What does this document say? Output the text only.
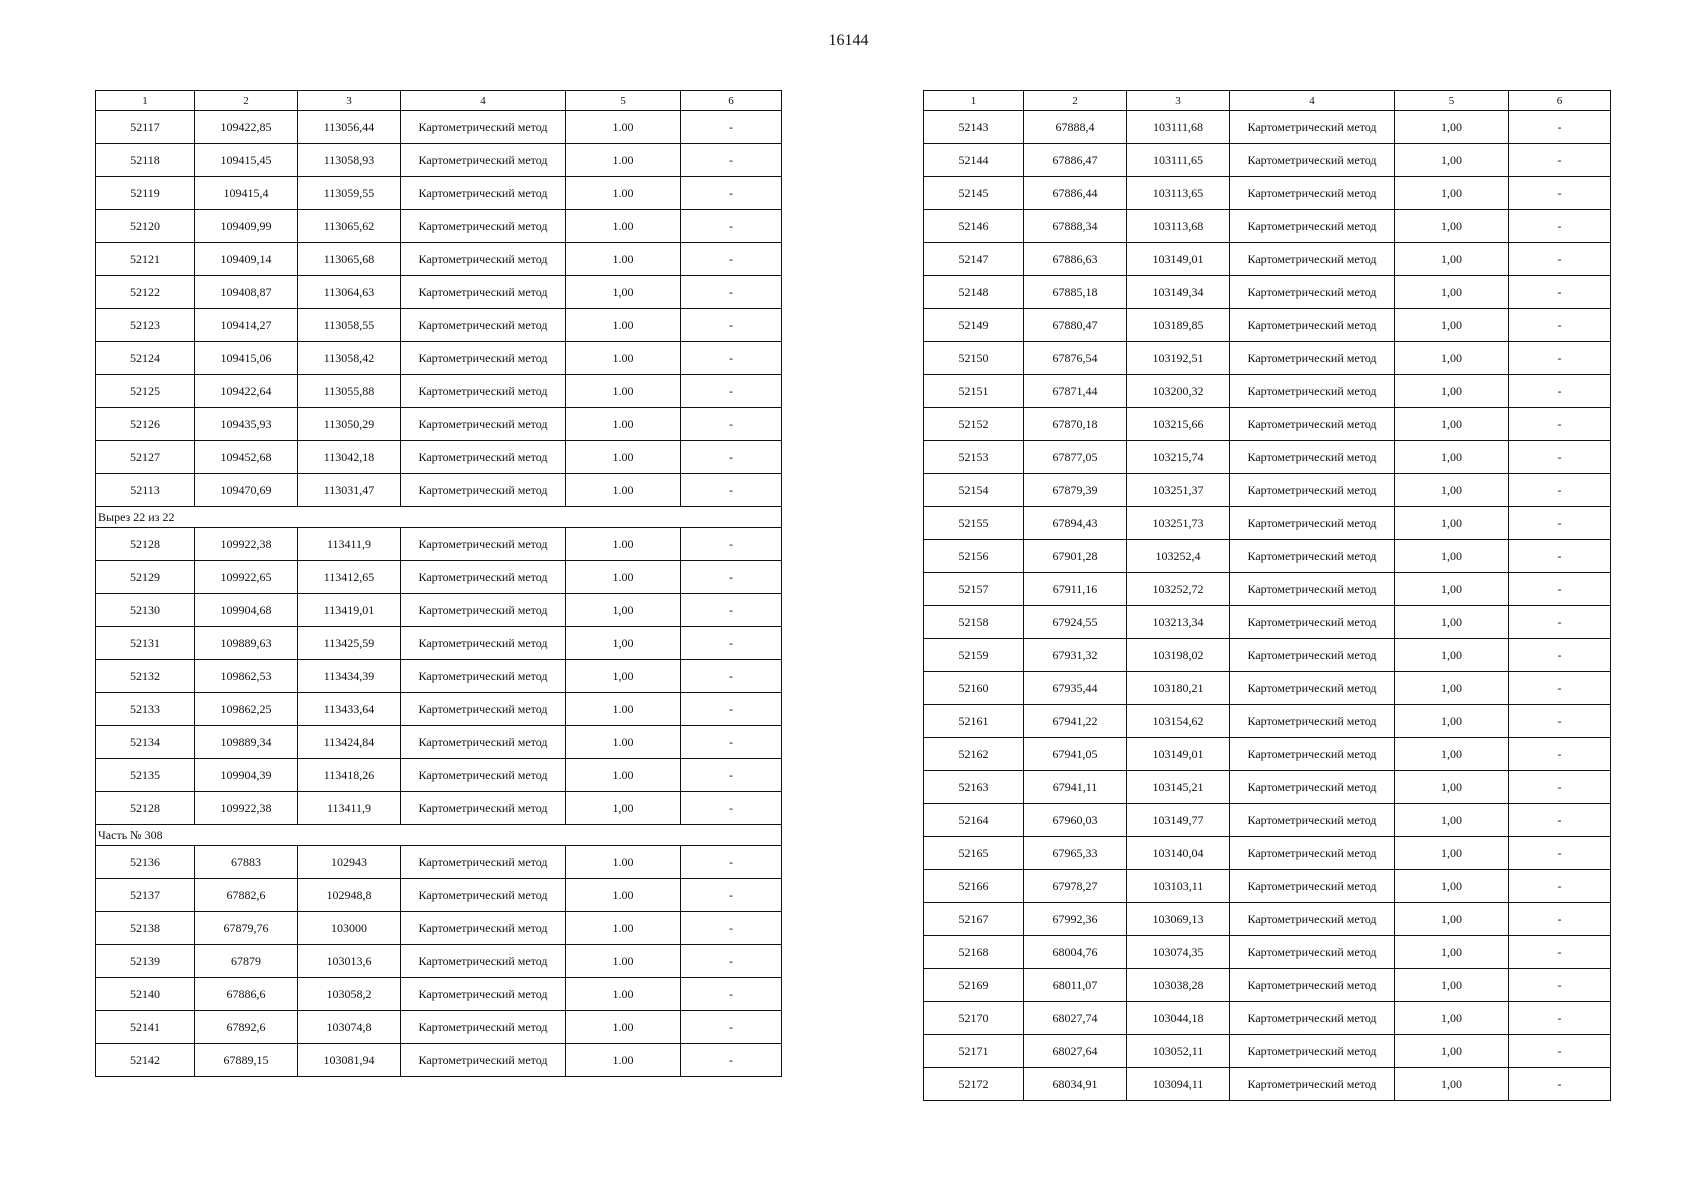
16144
1	2	3	4	5	6
52117	109422,85	113056,44	Картометрический метод	1.00	-
52118	109415,45	113058,93	Картометрический метод	1.00	-
52119	109415,4	113059,55	Картометрический метод	1.00	-
52120	109409,99	113065,62	Картометрический метод	1.00	-
52121	109409,14	113065,68	Картометрический метод	1.00	-
52122	109408,87	113064,63	Картометрический метод	1,00	-
52123	109414,27	113058,55	Картометрический метод	1.00	-
52124	109415,06	113058,42	Картометрический метод	1.00	-
52125	109422,64	113055,88	Картометрический метод	1.00	-
52126	109435,93	113050,29	Картометрический метод	1.00	-
52127	109452,68	113042,18	Картометрический метод	1.00	-
52113	109470,69	113031,47	Картометрический метод	1.00	-
Вырез 22 из 22					
52128	109922,38	113411,9	Картометрический метод	1.00	-
52129	109922,65	113412,65	Картометрический метод	1.00	-
52130	109904,68	113419,01	Картометрический метод	1,00	-
52131	109889,63	113425,59	Картометрический метод	1,00	-
52132	109862,53	113434,39	Картометрический метод	1,00	-
52133	109862,25	113433,64	Картометрический метод	1.00	-
52134	109889,34	113424,84	Картометрический метод	1.00	-
52135	109904,39	113418,26	Картометрический метод	1.00	-
52128	109922,38	113411,9	Картометрический метод	1,00	-
Часть № 308					
52136	67883	102943	Картометрический метод	1.00	-
52137	67882,6	102948,8	Картометрический метод	1.00	-
52138	67879,76	103000	Картометрический метод	1.00	-
52139	67879	103013,6	Картометрический метод	1.00	-
52140	67886,6	103058,2	Картометрический метод	1.00	-
52141	67892,6	103074,8	Картометрический метод	1.00	-
52142	67889,15	103081,94	Картометрический метод	1.00	-
1	2	3	4	5	6
52143	67888,4	103111,68	Картометрический метод	1,00	-
52144	67886,47	103111,65	Картометрический метод	1,00	-
52145	67886,44	103113,65	Картометрический метод	1,00	-
52146	67888,34	103113,68	Картометрический метод	1,00	-
52147	67886,63	103149,01	Картометрический метод	1,00	-
52148	67885,18	103149,34	Картометрический метод	1,00	-
52149	67880,47	103189,85	Картометрический метод	1,00	-
52150	67876,54	103192,51	Картометрический метод	1,00	-
52151	67871,44	103200,32	Картометрический метод	1,00	-
52152	67870,18	103215,66	Картометрический метод	1,00	-
52153	67877,05	103215,74	Картометрический метод	1,00	-
52154	67879,39	103251,37	Картометрический метод	1,00	-
52155	67894,43	103251,73	Картометрический метод	1,00	-
52156	67901,28	103252,4	Картометрический метод	1,00	-
52157	67911,16	103252,72	Картометрический метод	1,00	-
52158	67924,55	103213,34	Картометрический метод	1,00	-
52159	67931,32	103198,02	Картометрический метод	1,00	-
52160	67935,44	103180,21	Картометрический метод	1,00	-
52161	67941,22	103154,62	Картометрический метод	1,00	-
52162	67941,05	103149,01	Картометрический метод	1,00	-
52163	67941,11	103145,21	Картометрический метод	1,00	-
52164	67960,03	103149,77	Картометрический метод	1,00	-
52165	67965,33	103140,04	Картометрический метод	1,00	-
52166	67978,27	103103,11	Картометрический метод	1,00	-
52167	67992,36	103069,13	Картометрический метод	1,00	-
52168	68004,76	103074,35	Картометрический метод	1,00	-
52169	68011,07	103038,28	Картометрический метод	1,00	-
52170	68027,74	103044,18	Картометрический метод	1,00	-
52171	68027,64	103052,11	Картометрический метод	1,00	-
52172	68034,91	103094,11	Картометрический метод	1,00	-
